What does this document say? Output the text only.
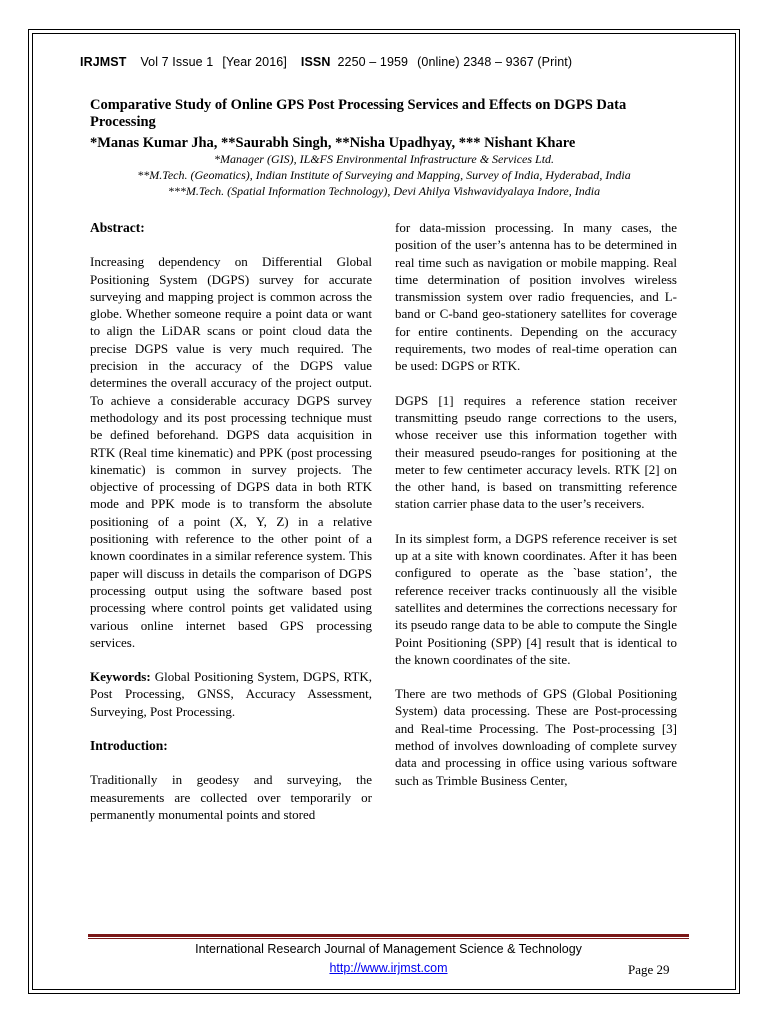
IRJMST Vol 7 Issue 1 [Year 2016] ISSN 2250 – 1959 (0nline) 2348 – 9367 (Print)
Comparative Study of Online GPS Post Processing Services and Effects on DGPS Data Processing
*Manas Kumar Jha, **Saurabh Singh, **Nisha Upadhyay, *** Nishant Khare
*Manager (GIS), IL&FS Environmental Infrastructure & Services Ltd.
**M.Tech. (Geomatics), Indian Institute of Surveying and Mapping, Survey of India, Hyderabad, India
***M.Tech. (Spatial Information Technology), Devi Ahilya Vishwavidyalaya Indore, India
Abstract:

Increasing dependency on Differential Global Positioning System (DGPS) survey for accurate surveying and mapping project is common across the globe. Whether someone require a point data or want to align the LiDAR scans or point cloud data the precise DGPS value is very much required. The precision in the accuracy of the DGPS value determines the overall accuracy of the project output. To achieve a considerable accuracy DGPS survey methodology and its post processing technique must be defined beforehand. DGPS data acquisition in RTK (Real time kinematic) and PPK (post processing kinematic) is common in survey projects. The objective of processing of DGPS data in both RTK mode and PPK mode is to transform the absolute positioning of a point (X, Y, Z) in a relative positioning with reference to the other point of a known coordinates in a similar reference system. This paper will discuss in details the comparison of DGPS processing output using the software based post processing where control points get validated using various online internet based GPS processing services.

Keywords: Global Positioning System, DGPS, RTK, Post Processing, GNSS, Accuracy Assessment, Surveying, Post Processing.

Introduction:

Traditionally in geodesy and surveying, the measurements are collected over temporarily or permanently monumental points and stored

for data-mission processing. In many cases, the position of the user’s antenna has to be determined in real time such as navigation or mobile mapping. Real time determination of position involves wireless transmission system over radio frequencies, and L-band or C-band geo-stationery satellites for coverage for entire continents. Depending on the accuracy requirements, two modes of real-time operation can be used: DGPS or RTK.

DGPS [1] requires a reference station receiver transmitting pseudo range corrections to the users, whose receiver use this information together with their measured pseudo-ranges for positioning at the meter to few centimeter accuracy levels. RTK [2] on the other hand, is based on transmitting reference station carrier phase data to the user’s receivers.

In its simplest form, a DGPS reference receiver is set up at a site with known coordinates. After it has been configured to operate as the `base station’, the reference receiver tracks continuously all the visible satellites and determines the corrections necessary for its pseudo range data to be able to compute the Single Point Positioning (SPP) [4] result that is identical to the known coordinates of the site.

There are two methods of GPS (Global Positioning System) data processing. These are Post-processing and Real-time Processing. The Post-processing [3] method of involves downloading of complete survey data and processing in office using various software such as Trimble Business Center,

International Research Journal of Management Science & Technology
http://www.irjmst.com	Page 29
